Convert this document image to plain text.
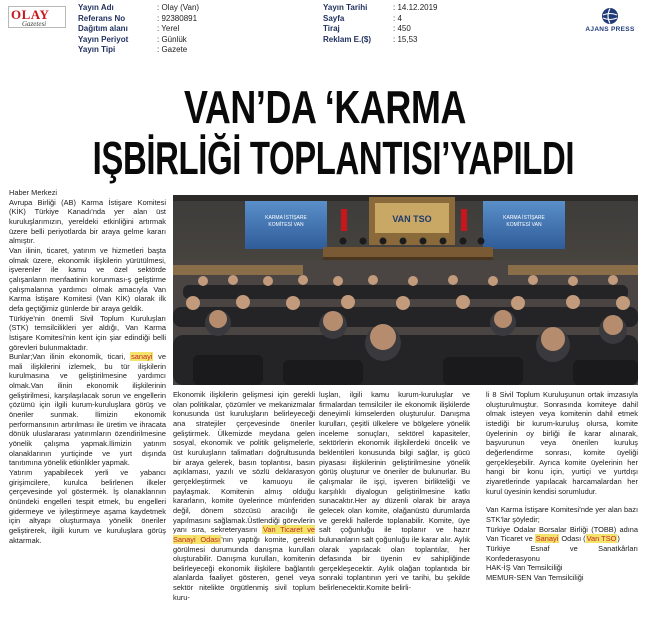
OLAY
Gazetesi
Yayın Adı	: Olay (Van)
Referans No	: 92380891
Dağıtım alanı	: Yerel
Yayın Periyot	: Günlük
Yayın Tipi	: Gazete
Yayın Tarihi	: 14.12.2019
Sayfa	: 4
Tiraj	: 450
Reklam E.($)	: 15,53
AJANS PRESS
VAN’DA ‘KARMA
IŞBİRLİĞİ TOPLANTISI’YAPILDI

Haber Merkezi

Avrupa Birliği (AB) Karma İstişare Komitesi (KİK) Türkiye Kanadı’nda yer alan üst kuruluşlarımızın, yerel̇deki etkinliğini artırmak üzere belli periyotlarda bir araya gelme kararı almıştır.

Van ilinin, ticaret, yatırım ve hizmetleri başta olmak üzere, ekonomik ilişkilerin yürütülmesi, işverenler ile kamu ve özel sektörde çalışanların menfaatinin korunması-ş geliştirme çalışmalarına yardımcı olmak amacıyla Van Karma İstişare Komitesi (Van KİK) olarak ilk defa geçtiğimiz günlerde bir araya geldik.

Türkiye’nin önemli Sivil Toplum Kuruluşları (STK) temsilcilikleri yer aldığı, Van Karma İstişare Komitesi’nin kent için şiar edindiği belli görevleri bulunmaktadır.

Bunlar;Van ilinin ekonomik, ticari, sanayi ve mali ilişkilerini izlemek, bu tür ilişkilerin kurulmasına ve geliştirilmesine yardımcı olmak.Van ilinin ekonomik ilişkilerinin geliştirilmesi, karşılaşılacak sorun ve engellerin çözümü için ilgili kurum-kuruluşlara görüş ve öneriler sunmak. İlimizin ekonomik performansının artırılması ile üretim ve ihracata dönük uluslararası yatırımların özendirilmesine yönelik çalışma yapmak.İlimizin yatırım olanaklarının yurtiçinde ve yurt dışında tanıtımına yönelik etkinlikler yapmak.

Yatırım yapabilecek yerli ve yabancı girişimcilere, kurulca belirlenen ilkeler çerçevesinde yol göstermėk. İş olanaklarının önündeki engelleri tespit etmek, bu engelleri gidermeye ve iyileştirmeye aşama kaydetmek için altyapı oluşturmaya yönelik öneriler geliştirerek, ilgili kurum ve kuruluşlara görüş aktarmak.

KARMA İSTİŞARE
KOMİTESİ VAN
VAN TSO	KARMA İSTİŞARE
KOMİTESİ VAN

Ekonomik ilişkilerin gelişmesi için gerekli olan politikalar, çözümler ve mekanizmalar konusunda üst kuruluşların belirleyeceği ana stratejiler çerçevesinde öneriler geliştirmek. Ülkemizde meydana gelen sosyal, ekonomik ve politik gelişmelerle, üst kuruluşların talimatları doğrultusunda bir araya gelerek, basın toplantısı, basın açıklaması, yazılı ve sözlü deklarasyon gerçekleştirmek ve kamuoyu ile paylaşmak. Komitenin almış olduğu kararların, komite üyelerince münferiden değil, dönem sözcüsü aracılığı ile yapılmasını sağlamak.Üstlendiği görevlerin yanı sıra, sekreteryasını Van Ticaret ve Sanayi Odası’nın yaptığı komite, gerekli görülmesi durumunda danışma kurulları oluşturabilir. Danışma kurulları, komitenin belirleyeceği ekonomik ilişkilere bağlantılı alanlarda faaliyet gösteren, genel veya sektör nitelikte örgütlenmiş sivil toplum kuru-

luşları, ilgili kamu kurum-kuruluşlar ve firmalardan temsilciler ile ekonomik ilişkilerde deneyimli kimselerden oluşturulur. Danışma kurulları, çeşitli ülkelere ve bölgelere yönelik inceleme sonuçları, sektörel kapasiteler, sektörlerin ekonomik ilişkilerdeki öncelik ve beklentileri konusunda bilgi sağlar, iş gücü piyasası ilişkilerinin geliştirilmesine yönelik görüş oluşturur ve öneriler de bulunurlar. Bu çalışmalar ile işçi, işveren birlikteliği ve karşılıklı diyalogun geliştirilmesine katkı sunacaktır.Her ay düzenli olarak bir araya gelecek olan komite, olağanüstü durumlarda ve gerekli hallerde toplanabilir. Komite, üye salt çoğunluğu ile toplanır ve hazır bulunanların salt çoğunluğu ile karar alır. Aylık olarak yapılacak olan toplantılar, her defasında bir üyenin ev sahipliğinde gerçekleşecektir. Aylık olağan toplantıda bir sonraki toplantının yeri ve tarihi, bu şekilde belirlenecektir.Komite belirli-

li 8 Sivil Toplum Kuruluşunun ortak imzasıyla oluşturulmuştur. Sonrasında komiteye dahil olmak isteyen veya komitenin dahil etmek istediği bir kurum-kuruluş olursa, komite üyelerinin oy birliği ile karar alınarak, başvurunun veya önerilen kuruluş değerlendirme sonrası, komite üyeliği gerçekleşebilir. Ayrıca komite üyelerinin her hangi bir konu için, yurtiçi ve yurtdışı ziyaretlerinde yapılacak harcamalardan her kurul üyesinin kendisi sorumludur.

Van Karma İstişare Komitesi’nde yer alan bazı STK’lar şöyledir;

Türkiye Odalar Borsalar Birliği (TOBB) adına Van Ticaret ve Sanayi Odası (Van TSO)

Türkiye Esnaf ve Sanatkârları Konfederasyonu

HAK-İŞ Van Temsilciliği

MEMUR-SEN Van Temsilciliği
